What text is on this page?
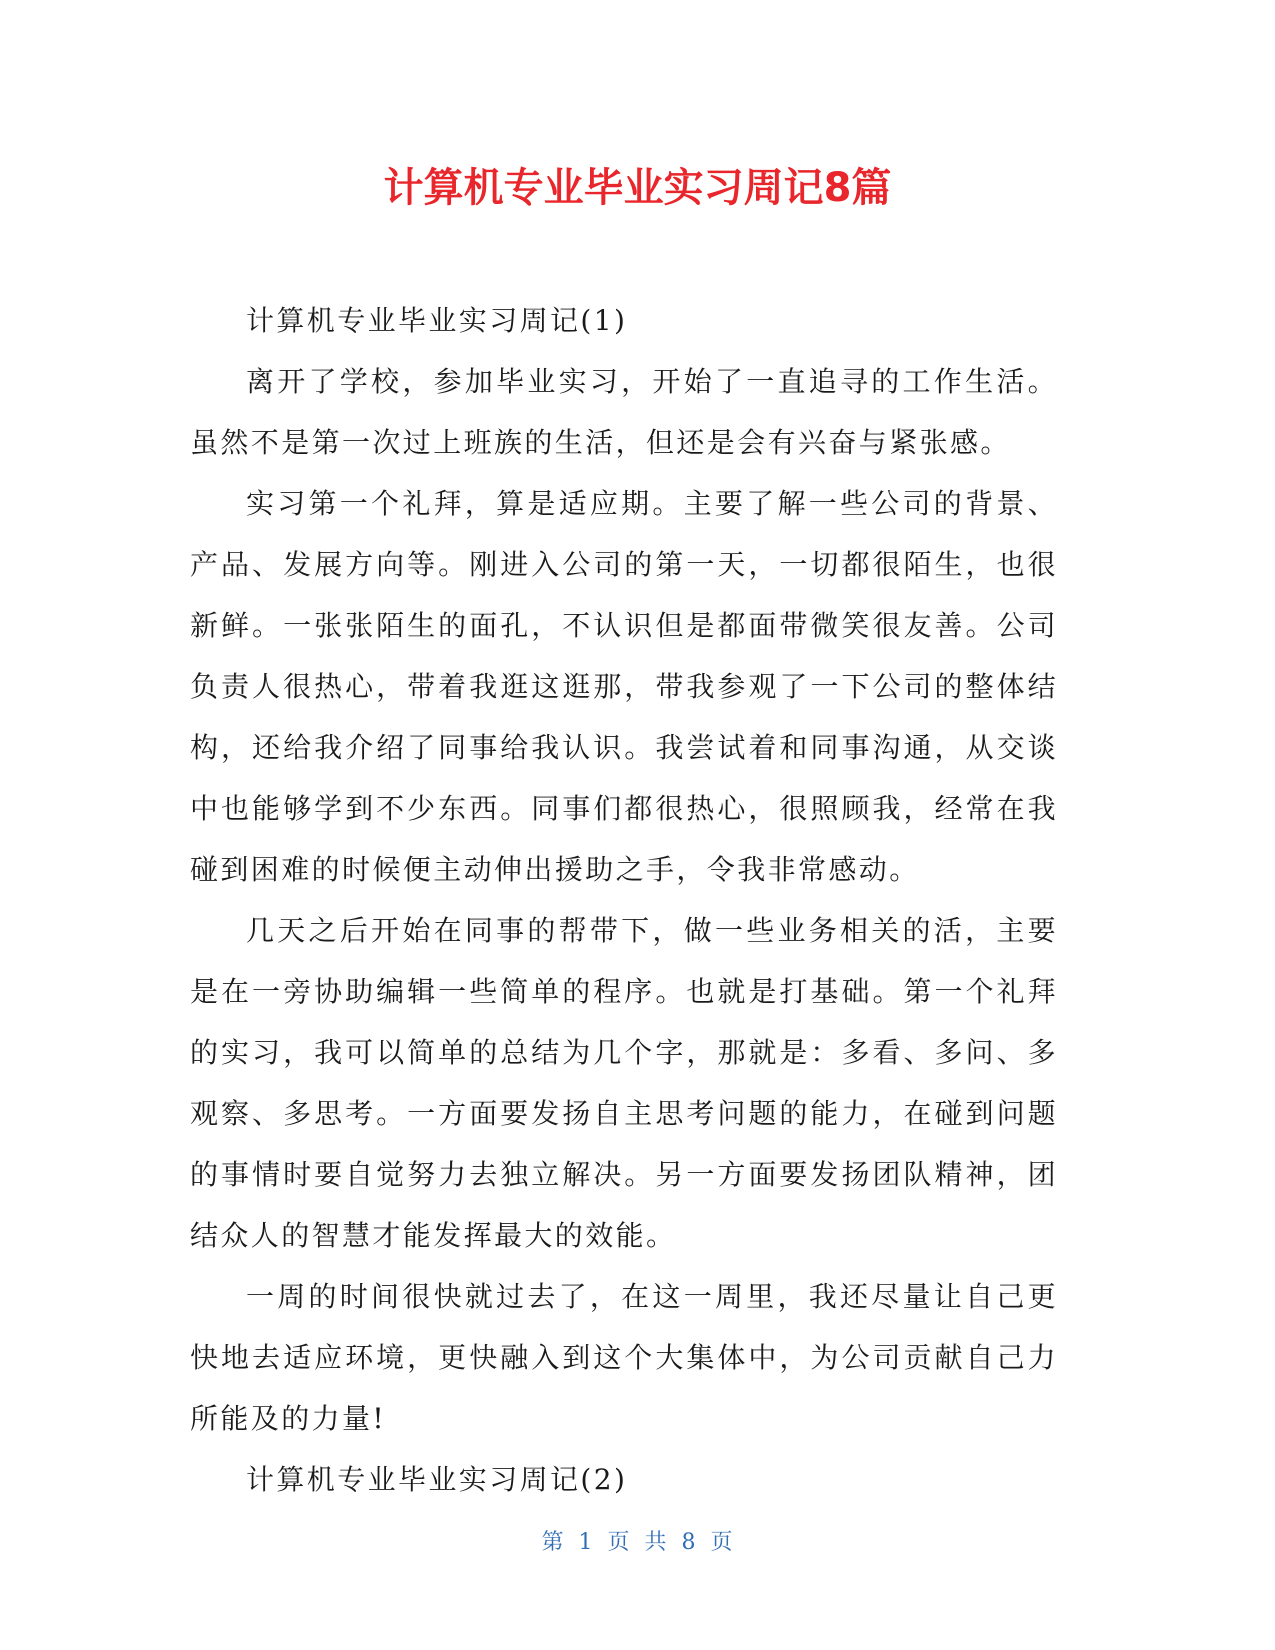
计算机专业毕业实习周记8篇

计算机专业毕业实习周记(1)

离开了学校，参加毕业实习，开始了一直追寻的工作生活。虽然不是第一次过上班族的生活，但还是会有兴奋与紧张感。

实习第一个礼拜，算是适应期。主要了解一些公司的背景、产品、发展方向等。刚进入公司的第一天，一切都很陌生，也很新鲜。一张张陌生的面孔，不认识但是都面带微笑很友善。公司负责人很热心，带着我逛这逛那，带我参观了一下公司的整体结构，还给我介绍了同事给我认识。我尝试着和同事沟通，从交谈中也能够学到不少东西。同事们都很热心，很照顾我，经常在我碰到困难的时候便主动伸出援助之手，令我非常感动。

几天之后开始在同事的帮带下，做一些业务相关的活，主要是在一旁协助编辑一些简单的程序。也就是打基础。第一个礼拜的实习，我可以简单的总结为几个字，那就是：多看、多问、多观察、多思考。一方面要发扬自主思考问题的能力，在碰到问题的事情时要自觉努力去独立解决。另一方面要发扬团队精神，团结众人的智慧才能发挥最大的效能。

一周的时间很快就过去了，在这一周里，我还尽量让自己更快地去适应环境，更快融入到这个大集体中，为公司贡献自己力所能及的力量!

计算机专业毕业实习周记(2)

第 1 页 共 8 页
